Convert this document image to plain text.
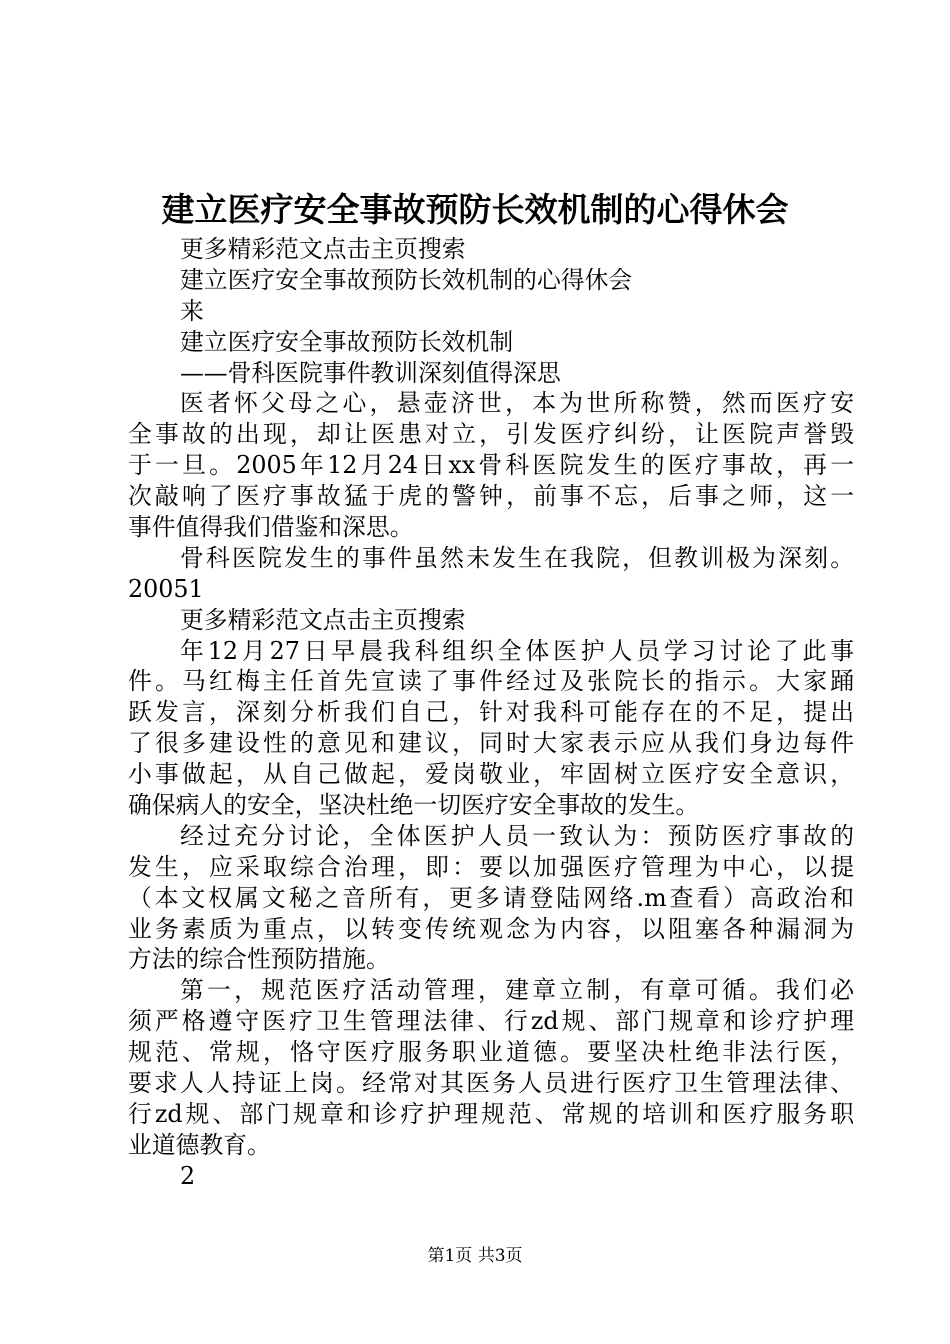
建立医疗安全事故预防长效机制的心得休会
更多精彩范文点击主页搜索
建立医疗安全事故预防长效机制的心得休会
来
建立医疗安全事故预防长效机制
——骨科医院事件教训深刻值得深思
医者怀父母之心，悬壶济世，本为世所称赞，然而医疗安
全事故的出现，却让医患对立，引发医疗纠纷，让医院声誉毁
于一旦。2005年12月24日xx骨科医院发生的医疗事故，再一
次敲响了医疗事故猛于虎的警钟，前事不忘，后事之师，这一
事件值得我们借鉴和深思。
骨科医院发生的事件虽然未发生在我院，但教训极为深刻。
20051
更多精彩范文点击主页搜索
年12月27日早晨我科组织全体医护人员学习讨论了此事
件。马红梅主任首先宣读了事件经过及张院长的指示。大家踊
跃发言，深刻分析我们自己，针对我科可能存在的不足，提出
了很多建设性的意见和建议，同时大家表示应从我们身边每件
小事做起，从自己做起，爱岗敬业，牢固树立医疗安全意识，
确保病人的安全，坚决杜绝一切医疗安全事故的发生。
经过充分讨论，全体医护人员一致认为：预防医疗事故的
发生，应采取综合治理，即：要以加强医疗管理为中心，以提
（本文权属文秘之音所有，更多请登陆网络.m查看）高政治和
业务素质为重点，以转变传统观念为内容，以阻塞各种漏洞为
方法的综合性预防措施。
第一，规范医疗活动管理，建章立制，有章可循。我们必
须严格遵守医疗卫生管理法律、行zd规、部门规章和诊疗护理
规范、常规，恪守医疗服务职业道德。要坚决杜绝非法行医，
要求人人持证上岗。经常对其医务人员进行医疗卫生管理法律、
行zd规、部门规章和诊疗护理规范、常规的培训和医疗服务职
业道德教育。
2
第1页 共3页
